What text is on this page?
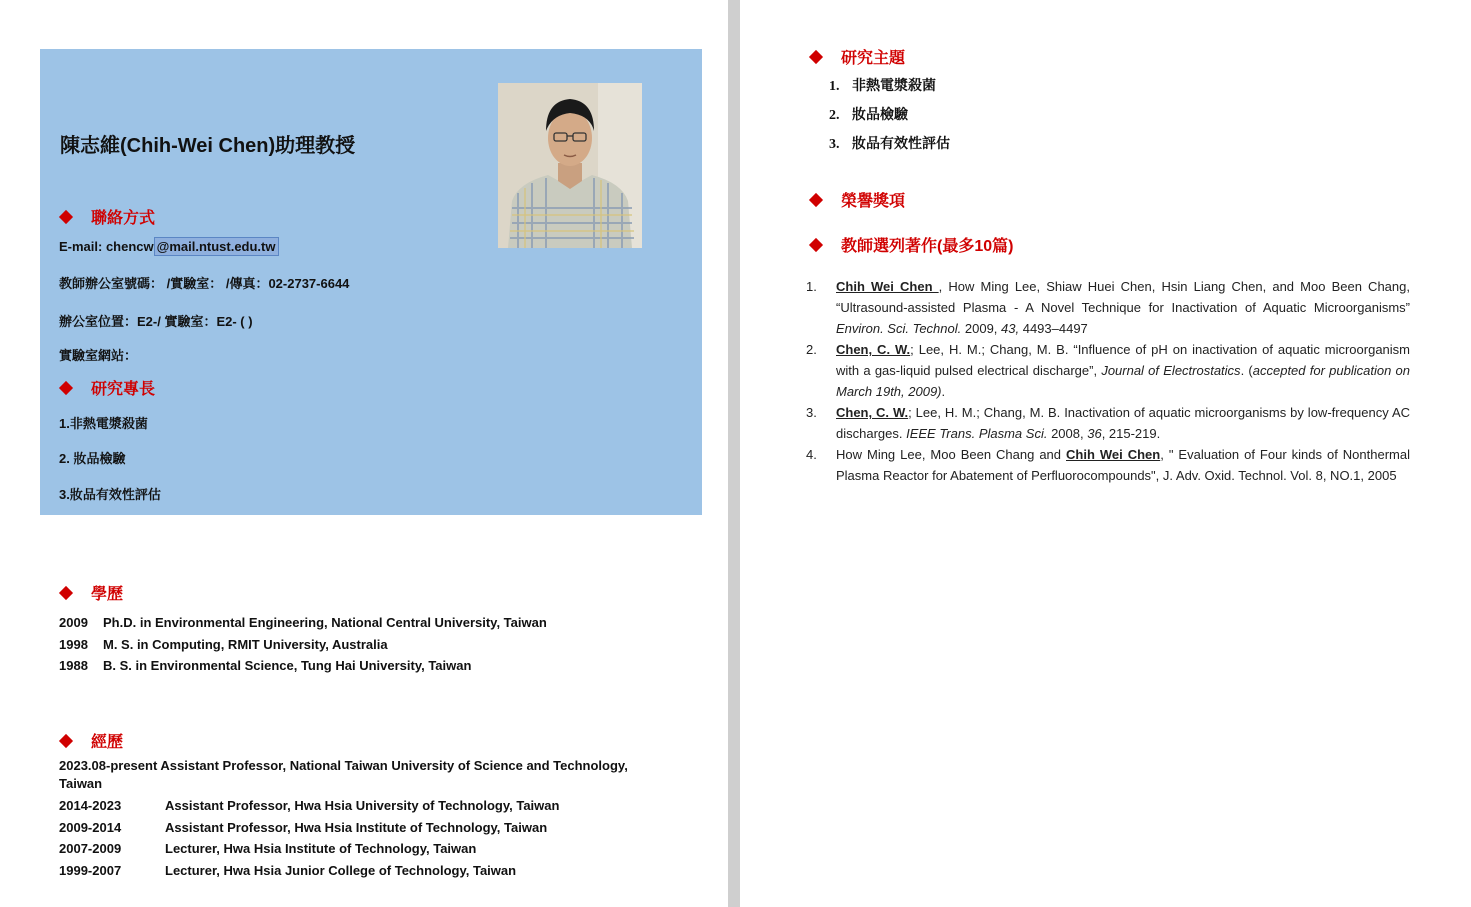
陳志維(Chih-Wei Chen)助理教授
聯絡方式
E-mail: chencw @mail.ntust.edu.tw
教師辦公室號碼： /實驗室： /傳真：02-2737-6644
辦公室位置：E2-/ 實驗室：E2- ( )
實驗室網站：
研究專長
1.非熱電漿殺菌
2. 妝品檢驗
3.妝品有效性評估
學歷
2009 Ph.D. in Environmental Engineering, National Central University, Taiwan
1998 M. S. in Computing, RMIT University, Australia
1988 B. S. in Environmental Science, Tung Hai University, Taiwan
經歷
2023.08-present Assistant Professor, National Taiwan University of Science and Technology,
Taiwan
2014-2023	Assistant Professor, Hwa Hsia University of Technology, Taiwan
2009-2014	Assistant Professor, Hwa Hsia Institute of Technology, Taiwan
2007-2009	Lecturer, Hwa Hsia Institute of Technology, Taiwan
1999-2007	Lecturer, Hwa Hsia Junior College of Technology, Taiwan
研究主題
1. 非熱電漿殺菌
2. 妝品檢驗
3. 妝品有效性評估
榮譽獎項
教師選列著作(最多10篇)
1.	Chih Wei Chen , How Ming Lee, Shiaw Huei Chen, Hsin Liang Chen, and Moo Been Chang, “Ultrasound-assisted Plasma - A Novel Technique for Inactivation of Aquatic Microorganisms” Environ. Sci. Technol. 2009, 43, 4493–4497
2.	Chen, C. W.; Lee, H. M.; Chang, M. B. “Influence of pH on inactivation of aquatic microorganism with a gas-liquid pulsed electrical discharge”, Journal of Electrostatics. (accepted for publication on March 19th, 2009).
3.	Chen, C. W.; Lee, H. M.; Chang, M. B. Inactivation of aquatic microorganisms by low-frequency AC discharges. IEEE Trans. Plasma Sci. 2008, 36, 215-219.
4.	How Ming Lee, Moo Been Chang and Chih Wei Chen, " Evaluation of Four kinds of Nonthermal Plasma Reactor for Abatement of Perfluorocompounds", J. Adv. Oxid. Technol. Vol. 8, NO.1, 2005
